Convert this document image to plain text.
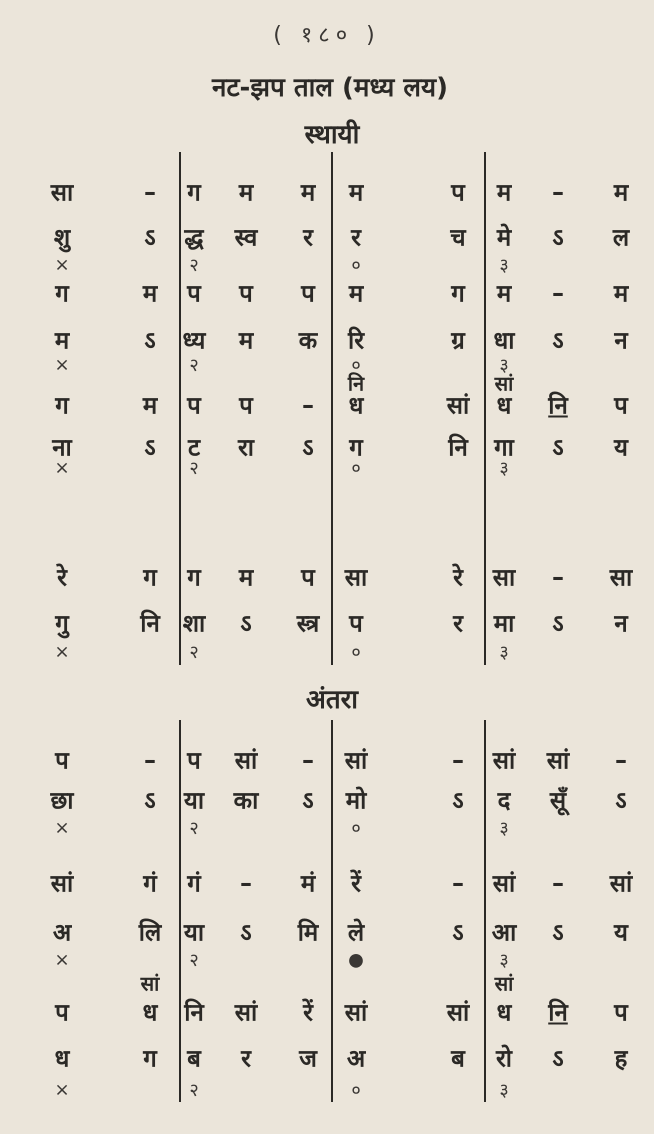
( १८० )
नट-झप ताल (मध्य लय)
स्थायी
अंतरा
सा
शु
×
–
ऽ
ग
द्ध
२
म
स्व
म
र
म
र
०
प
च
म
मे
३
–
ऽ
म
ल
ग
म
×
म
ऽ
प
ध्य
२
प
म
प
क
म
रि
०
ग
ग्र
म
धा
३
–
ऽ
म
न
ग
ना
×
म
ऽ
प
ट
२
प
रा
–
ऽ
नि
ध
ग
०
सां
नि
सां
ध
गा
३
नि
ऽ
प
य
रे
गु
×
ग
नि
ग
शा
२
म
ऽ
प
स्त्र
सा
प
०
रे
र
सा
मा
३
–
ऽ
सा
न
प
छा
×
–
ऽ
प
या
२
सां
का
–
ऽ
सां
मो
०
–
ऽ
सां
द
३
सां
सूँ
–
ऽ
सां
अ
×
गं
लि
गं
या
२
–
ऽ
मं
मि
रें
ले
●
–
ऽ
सां
आ
३
–
ऽ
सां
य
प
ध
×
सां
ध
ग
नि
ब
२
सां
र
रें
ज
सां
अ
०
सां
ब
सां
ध
रो
३
नि
ऽ
प
ह
